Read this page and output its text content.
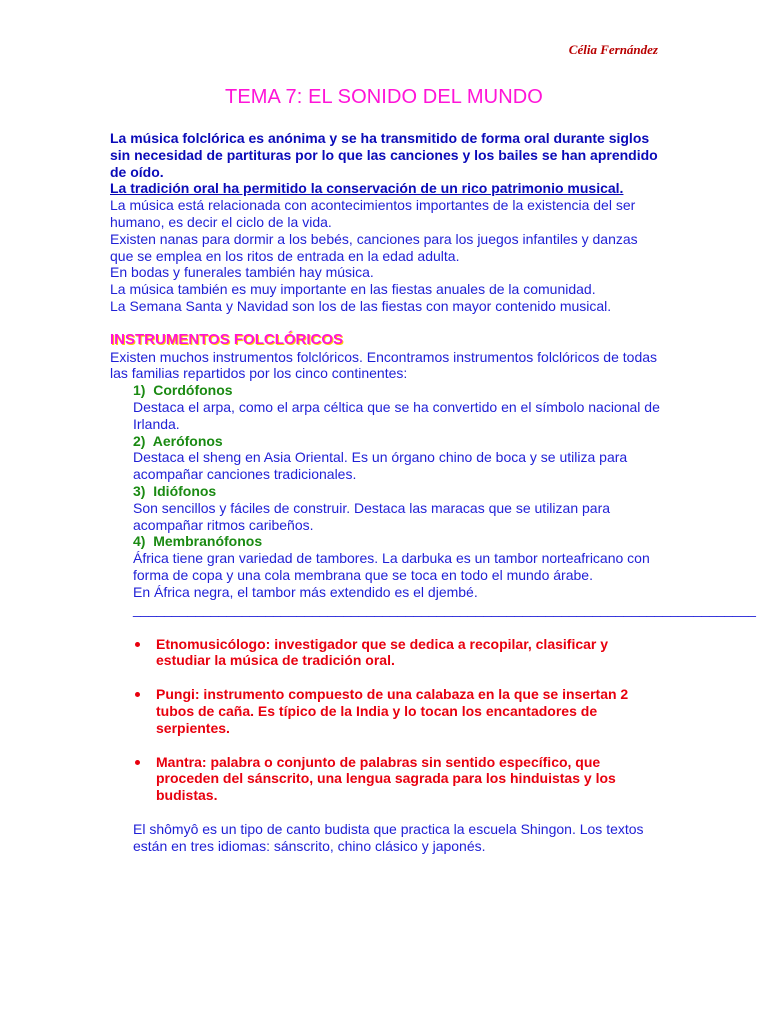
Célia Fernández
TEMA 7: EL SONIDO DEL MUNDO
La música folclórica es anónima y se ha transmitido de forma oral durante siglos sin necesidad de partituras por lo que las canciones y los bailes se han aprendido de oído.
La tradición oral ha permitido la conservación de un rico patrimonio musical.
La música está relacionada con acontecimientos importantes de la existencia del ser humano, es decir el ciclo de la vida.
Existen nanas para dormir a los bebés, canciones para los juegos infantiles y danzas que se emplea en los ritos de entrada en la edad adulta.
En bodas y funerales también hay música.
La música también es muy importante en las fiestas anuales de la comunidad.
La Semana Santa y Navidad son los de las fiestas con mayor contenido musical.
INSTRUMENTOS FOLCLÓRICOS
Existen muchos instrumentos folclóricos. Encontramos instrumentos folclóricos de todas las familias repartidos por los cinco continentes:
1) Cordófonos
Destaca el arpa, como el arpa céltica que se ha convertido en el símbolo nacional de Irlanda.
2) Aerófonos
Destaca el sheng en Asia Oriental. Es un órgano chino de boca y se utiliza para acompañar canciones tradicionales.
3) Idiófonos
Son sencillos y fáciles de construir. Destaca las maracas que se utilizan para acompañar ritmos caribeños.
4) Membranófonos
África tiene gran variedad de tambores. La darbuka es un tambor norteafricano con forma de copa y una cola membrana que se toca en todo el mundo árabe.
En África negra, el tambor más extendido es el djembé.
________________________________________________________________________________
Etnomusicólogo: investigador que se dedica a recopilar, clasificar y estudiar la música de tradición oral.
Pungi: instrumento compuesto de una calabaza en la que se insertan 2 tubos de caña. Es típico de la India y lo tocan los encantadores de serpientes.
Mantra: palabra o conjunto de palabras sin sentido específico, que proceden del sánscrito, una lengua sagrada para los hinduistas y los budistas.
El shômyô es un tipo de canto budista que practica la escuela Shingon. Los textos están en tres idiomas: sánscrito, chino clásico y japonés.
